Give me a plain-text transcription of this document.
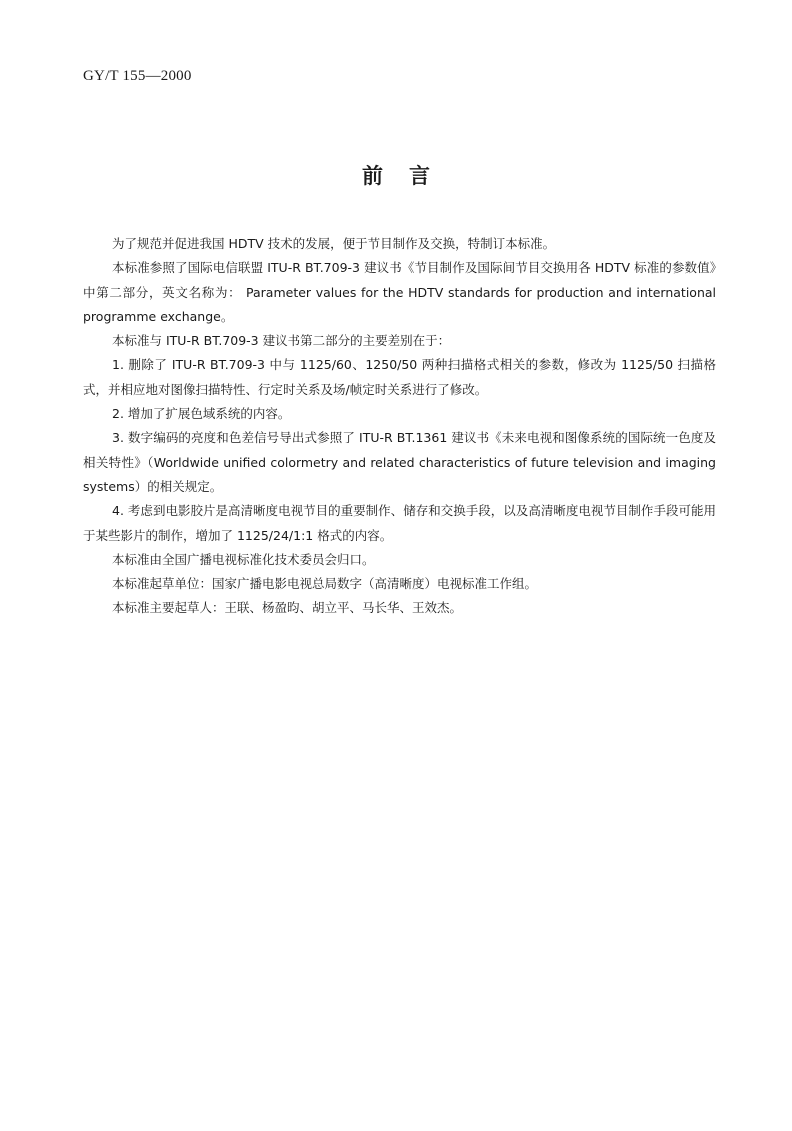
GY/T 155—2000
前言

为了规范并促进我国 HDTV 技术的发展，便于节目制作及交换，特制订本标准。

本标准参照了国际电信联盟 ITU-R BT.709-3 建议书《节目制作及国际间节目交换用各 HDTV 标准的参数值》中第二部分，英文名称为： Parameter values for the HDTV standards for production and international programme exchange。

本标准与 ITU-R BT.709-3 建议书第二部分的主要差别在于：

1. 删除了 ITU-R BT.709-3 中与 1125/60、1250/50 两种扫描格式相关的参数，修改为 1125/50 扫描格式，并相应地对图像扫描特性、行定时关系及场/帧定时关系进行了修改。

2. 增加了扩展色域系统的内容。

3. 数字编码的亮度和色差信号导出式参照了 ITU-R BT.1361 建议书《未来电视和图像系统的国际统一色度及相关特性》（Worldwide unified colormetry and related characteristics of future television and imaging systems）的相关规定。

4. 考虑到电影胶片是高清晰度电视节目的重要制作、储存和交换手段，以及高清晰度电视节目制作手段可能用于某些影片的制作，增加了 1125/24/1:1 格式的内容。

本标准由全国广播电视标准化技术委员会归口。

本标准起草单位：国家广播电影电视总局数字（高清晰度）电视标准工作组。

本标准主要起草人：王联、杨盈昀、胡立平、马长华、王效杰。
